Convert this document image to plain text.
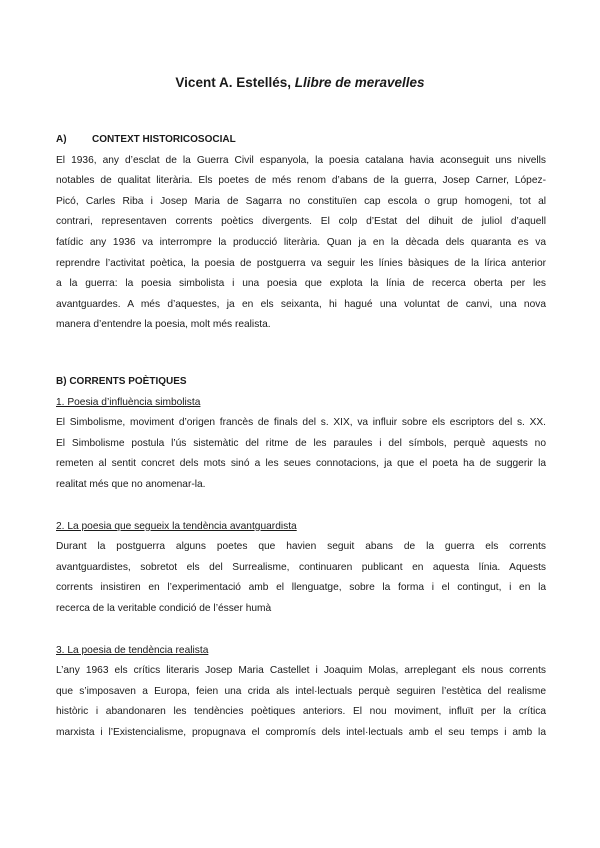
Vicent A. Estellés, Llibre de meravelles
A)	CONTEXT HISTORICOSOCIAL
El 1936, any d’esclat de la Guerra Civil espanyola, la poesia catalana havia aconseguit uns nivells
notables de qualitat literària. Els poetes de més renom d’abans de la guerra, Josep Carner, López-
Picó, Carles Riba i Josep Maria de Sagarra no constituïen cap escola o grup homogeni, tot al
contrari, representaven corrents poètics divergents. El colp d’Estat del dihuit de juliol d’aquell
fatídic any 1936 va interrompre la producció literària. Quan ja en la dècada dels quaranta es va
reprendre l’activitat poètica, la poesia de postguerra va seguir les línies bàsiques de la lírica anterior
a la guerra: la poesia simbolista i una poesia que explota la línia de recerca oberta per les
avantguardes. A més d’aquestes, ja en els seixanta, hi hagué una voluntat de canvi, una nova
manera d’entendre la poesia, molt més realista.
B) CORRENTS POÈTIQUES
1. Poesia d’influència simbolista
El Simbolisme, moviment d’origen francès de finals del s. XIX, va influir sobre els escriptors del s. XX.
El Simbolisme postula l’ús sistemàtic del ritme de les paraules i del símbols, perquè aquests no
remeten al sentit concret dels mots sinó a les seues connotacions, ja que el poeta ha de suggerir la
realitat més que no anomenar-la.
2. La poesia que segueix la tendència avantguardista
Durant la postguerra alguns poetes que havien seguit abans de la guerra els corrents
avantguardistes, sobretot els del Surrealisme, continuaren publicant en aquesta línia. Aquests
corrents insistiren en l’experimentació amb el llenguatge, sobre la forma i el contingut, i en la
recerca de la veritable condició de l’ésser humà
3. La poesia de tendència realista
L’any 1963 els crítics literaris Josep Maria Castellet i Joaquim Molas, arreplegant els nous corrents
que s’imposaven a Europa, feien una crida als intel·lectuals perquè seguiren l’estètica del realisme
històric i abandonaren les tendències poètiques anteriors. El nou moviment, influït per la crítica
marxista i l’Existencialisme, propugnava el compromís dels intel·lectuals amb el seu temps i amb la
